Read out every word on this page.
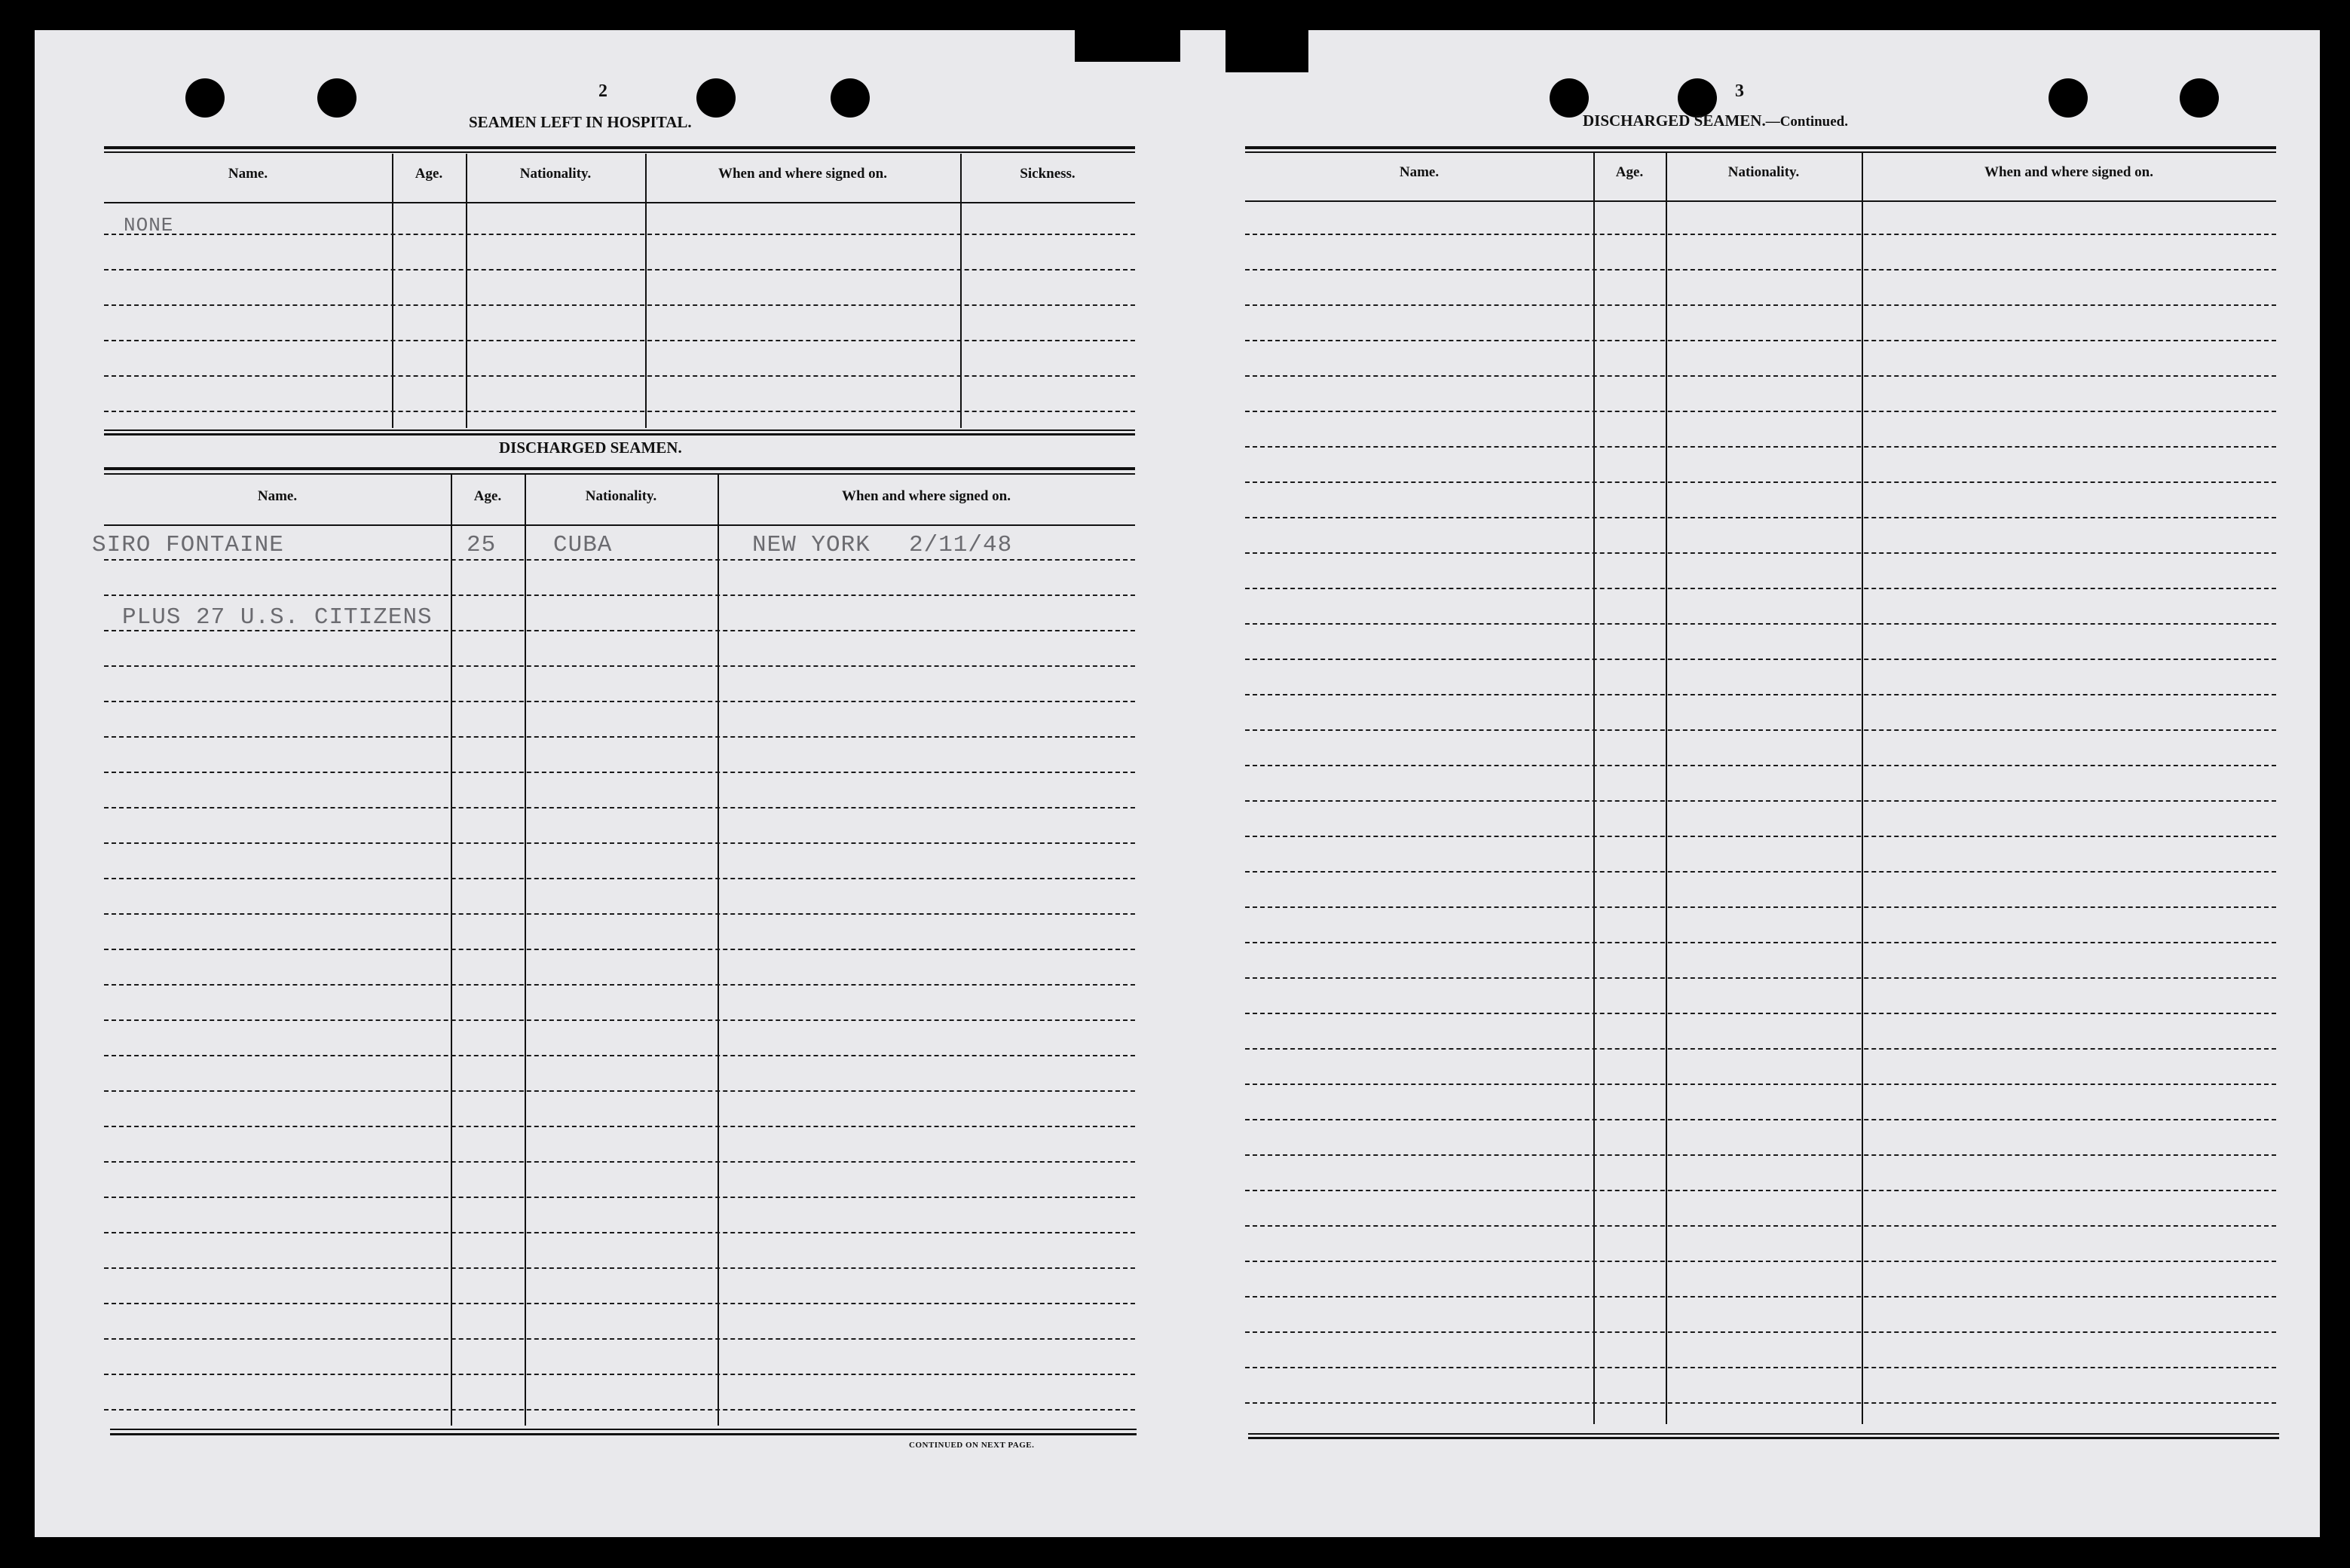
2
SEAMEN LEFT IN HOSPITAL.
Name.	Age.	Nationality.	When and where signed on.	Sickness.
NONE
DISCHARGED SEAMEN.
Name.	Age.	Nationality.	When and where signed on.
SIRO FONTAINE	25 CUBA	NEW YORK 2/11/48
PLUS 27 U.S. CITIZENS
CONTINUED ON NEXT PAGE.
3
DISCHARGED SEAMEN.—Continued.
Name.	Age.	Nationality.	When and where signed on.
